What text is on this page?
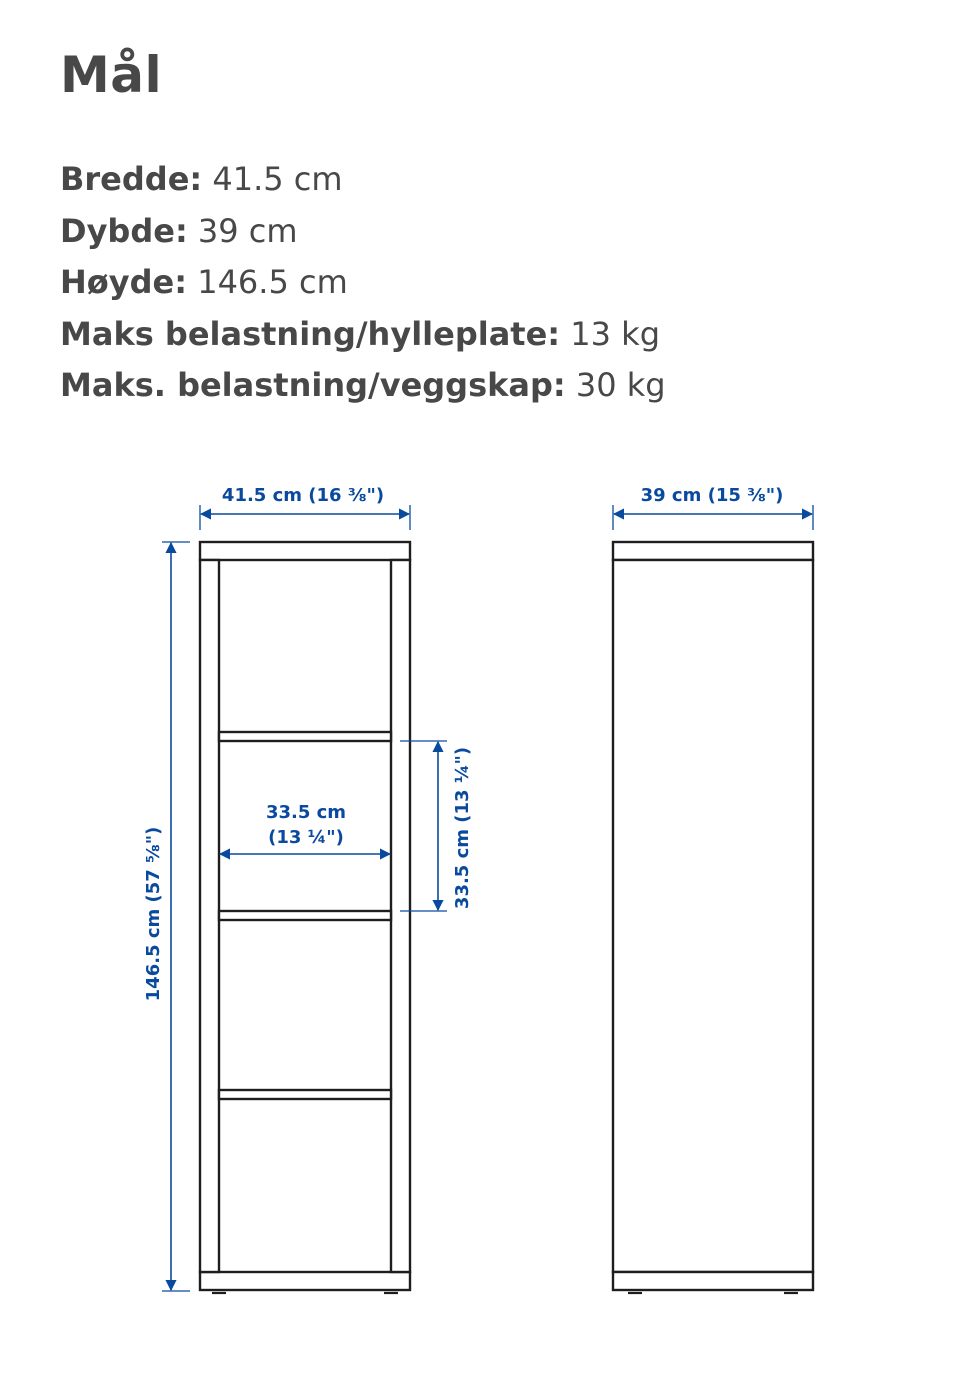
Mål
Bredde: 41.5 cm
Dybde: 39 cm
Høyde: 146.5 cm
Maks belastning/hylleplate: 13 kg
Maks. belastning/veggskap: 30 kg
41.5 cm (16 ⅜")
146.5 cm (57 ⅝")
33.5 cm
(13 ¼")	33.5 cm (13 ¼")
39 cm (15 ⅜")
